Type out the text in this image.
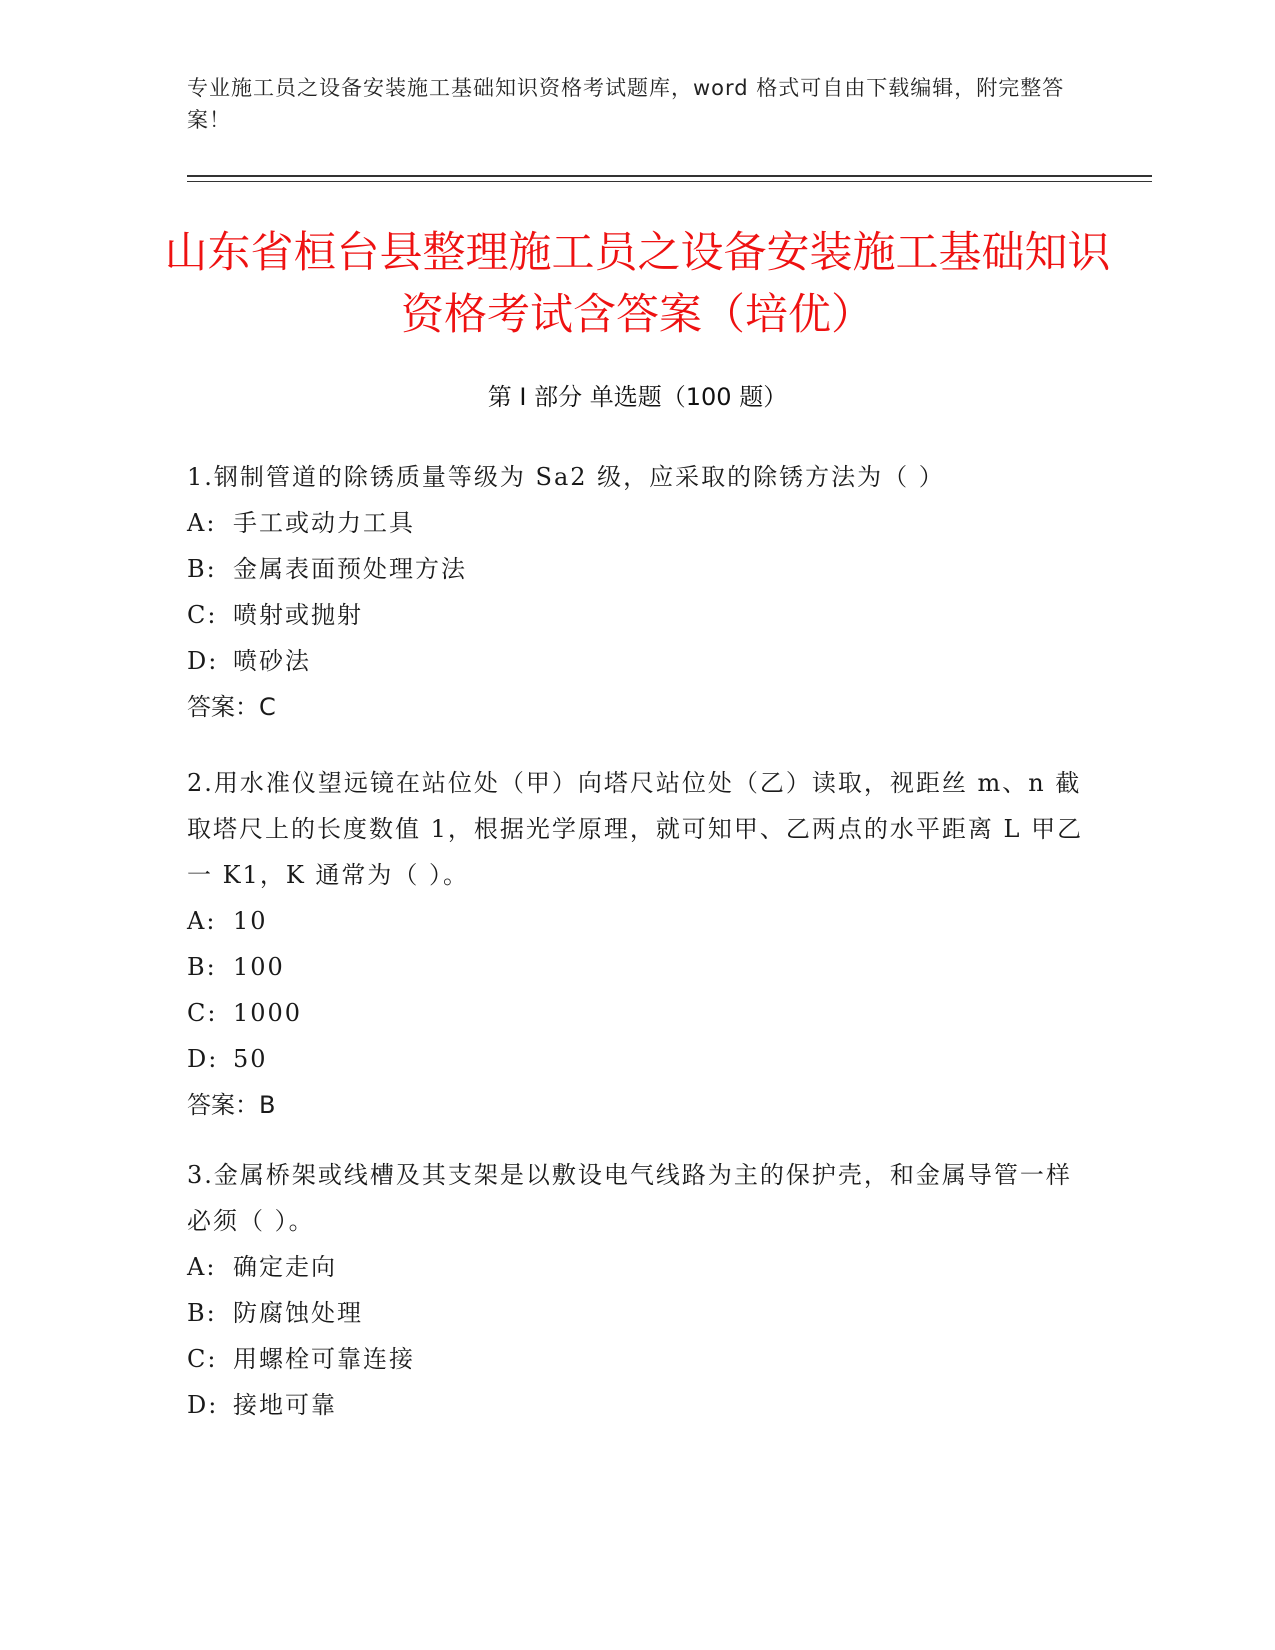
专业施工员之设备安装施工基础知识资格考试题库，word 格式可自由下载编辑，附完整答案！
山东省桓台县整理施工员之设备安装施工基础知识资格考试含答案（培优）
第 I 部分 单选题（100 题）

1.钢制管道的除锈质量等级为 Sa2 级，应采取的除锈方法为（ ）

A: 手工或动力工具

B: 金属表面预处理方法

C: 喷射或抛射

D: 喷砂法

答案：C

2.用水准仪望远镜在站位处（甲）向塔尺站位处（乙）读取，视距丝 m、n 截取塔尺上的长度数值 1，根据光学原理，就可知甲、乙两点的水平距离 L 甲乙一 K1，K 通常为（ ）。

A: 10

B: 100

C: 1000

D: 50

答案：B

3.金属桥架或线槽及其支架是以敷设电气线路为主的保护壳，和金属导管一样必须（ ）。

A: 确定走向

B: 防腐蚀处理

C: 用螺栓可靠连接

D: 接地可靠
